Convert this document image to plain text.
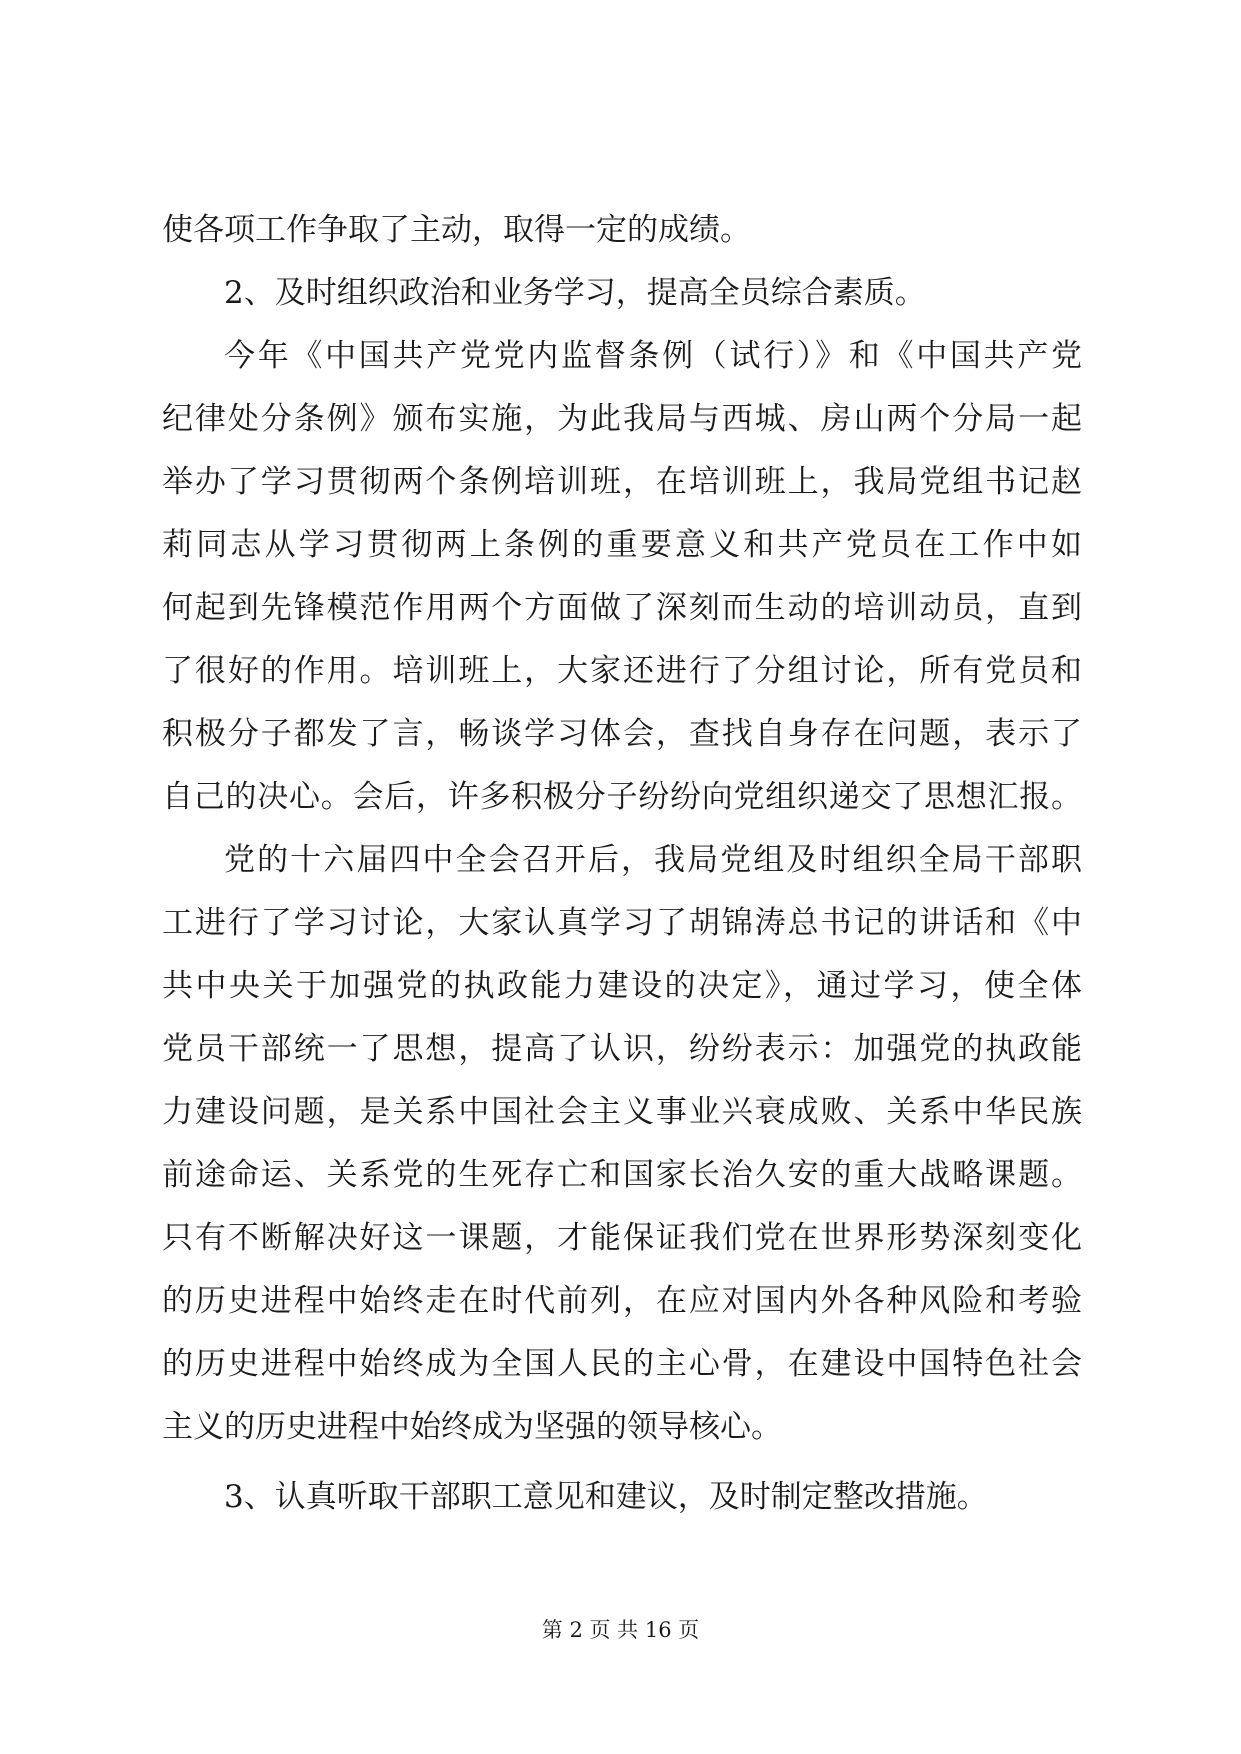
使各项工作争取了主动，取得一定的成绩。
2、及时组织政治和业务学习，提高全员综合素质。
今年《中国共产党党内监督条例（试行）》和《中国共产党
纪律处分条例》颁布实施，为此我局与西城、房山两个分局一起
举办了学习贯彻两个条例培训班，在培训班上，我局党组书记赵
莉同志从学习贯彻两上条例的重要意义和共产党员在工作中如
何起到先锋模范作用两个方面做了深刻而生动的培训动员，直到
了很好的作用。培训班上，大家还进行了分组讨论，所有党员和
积极分子都发了言，畅谈学习体会，查找自身存在问题，表示了
自己的决心。会后，许多积极分子纷纷向党组织递交了思想汇报。
党的十六届四中全会召开后，我局党组及时组织全局干部职
工进行了学习讨论，大家认真学习了胡锦涛总书记的讲话和《中
共中央关于加强党的执政能力建设的决定》，通过学习，使全体
党员干部统一了思想，提高了认识，纷纷表示：加强党的执政能
力建设问题，是关系中国社会主义事业兴衰成败、关系中华民族
前途命运、关系党的生死存亡和国家长治久安的重大战略课题。
只有不断解决好这一课题，才能保证我们党在世界形势深刻变化
的历史进程中始终走在时代前列，在应对国内外各种风险和考验
的历史进程中始终成为全国人民的主心骨，在建设中国特色社会
主义的历史进程中始终成为坚强的领导核心。
3、认真听取干部职工意见和建议，及时制定整改措施。
第 2 页 共 16 页
